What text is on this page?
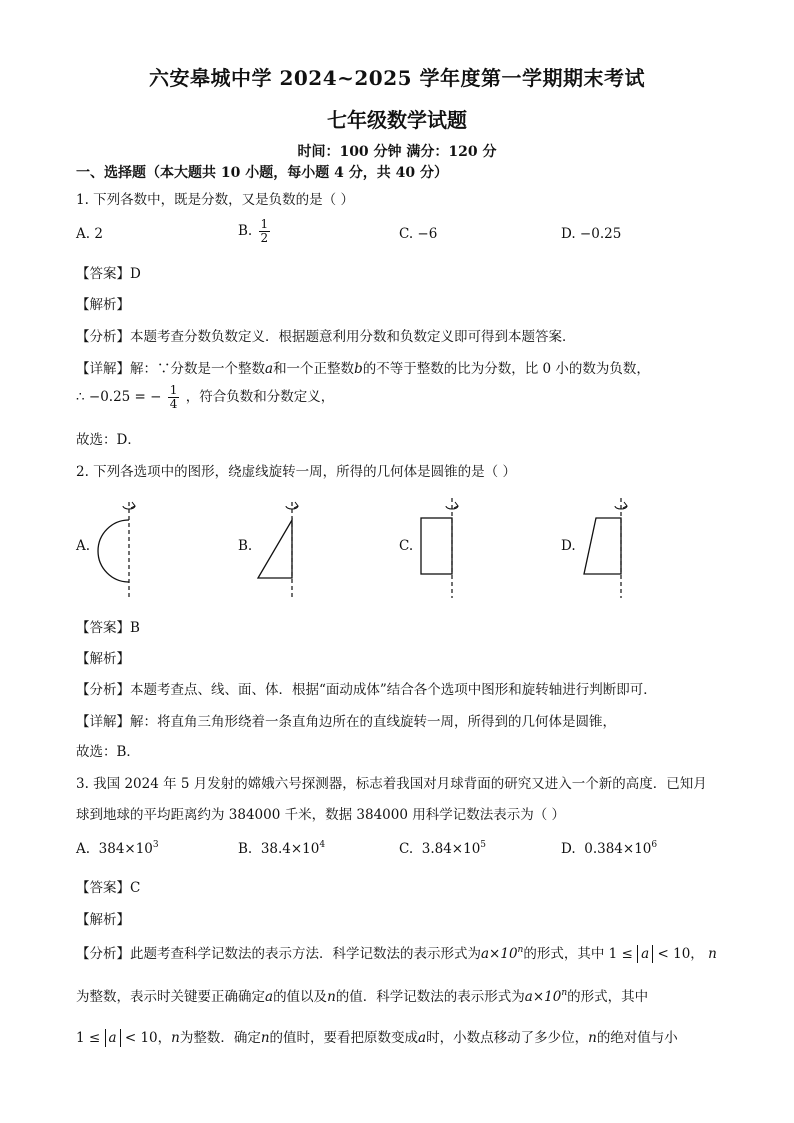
六安皋城中学 2024~2025 学年度第一学期期末考试
七年级数学试题
时间：100 分钟 满分：120 分
一、选择题（本大题共 10 小题，每小题 4 分，共 40 分）
1. 下列各数中，既是分数，又是负数的是（ ）
A. 2	B. $\frac{1}{2}$	C. −6	D. −0.25
【答案】D
【解析】
【分析】本题考查分数负数定义．根据题意利用分数和负数定义即可得到本题答案．
【详解】解：∵分数是一个整数a和一个正整数b的不等于整数的比为分数，比 0 小的数为负数，
∴ −0.25 = − $\frac{1}{4}$ ，符合负数和分数定义，
故选：D．
2. 下列各选项中的图形，绕虚线旋转一周，所得的几何体是圆锥的是（ ）
A.	B.	C.	D.
【答案】B
【解析】
【分析】本题考查点、线、面、体．根据“面动成体”结合各个选项中图形和旋转轴进行判断即可．
【详解】解：将直角三角形绕着一条直角边所在的直线旋转一周，所得到的几何体是圆锥，
故选：B．
3. 我国 2024 年 5 月发射的嫦娥六号探测器，标志着我国对月球背面的研究又进入一个新的高度．已知月
球到地球的平均距离约为 384000 千米，数据 384000 用科学记数法表示为（ ）
A. $384\times 10^3$	B. $38.4\times 10^4$	C. $3.84\times 10^5$	D. $0.384\times 10^6$
【答案】C
【解析】
【分析】此题考查科学记数法的表示方法．科学记数法的表示形式为$a\times 10^n$的形式，其中 1 ≤ a < 10， n
为整数，表示时关键要正确确定a的值以及n的值．科学记数法的表示形式为$a\times 10^n$的形式，其中
1 ≤ a < 10，n为整数．确定n的值时，要看把原数变成a时，小数点移动了多少位，n的绝对值与小
